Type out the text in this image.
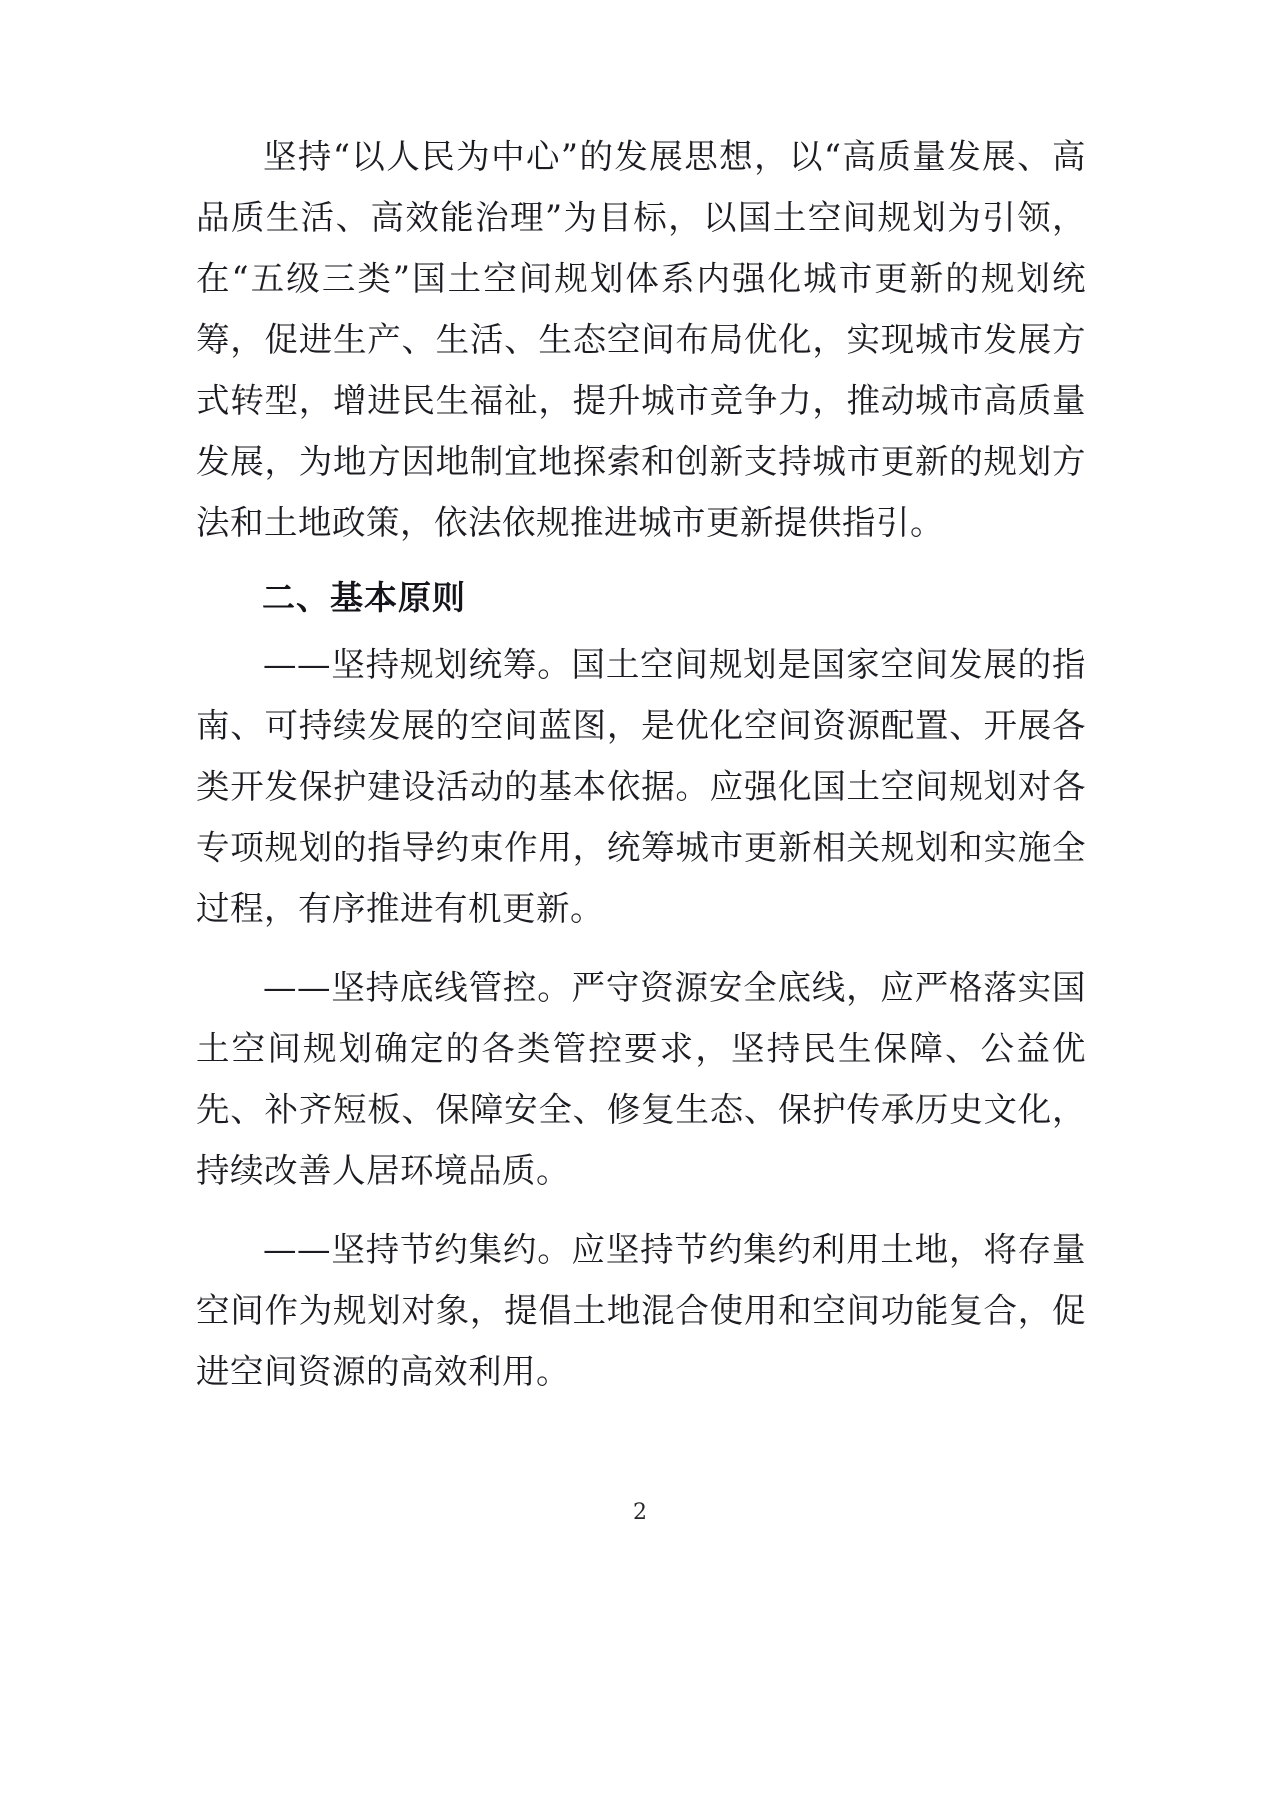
坚持“以人民为中心”的发展思想，以“高质量发展、高品质生活、高效能治理”为目标，以国土空间规划为引领，在“五级三类”国土空间规划体系内强化城市更新的规划统筹，促进生产、生活、生态空间布局优化，实现城市发展方式转型，增进民生福祉，提升城市竞争力，推动城市高质量发展，为地方因地制宜地探索和创新支持城市更新的规划方法和土地政策，依法依规推进城市更新提供指引。

二、基本原则

——坚持规划统筹。国土空间规划是国家空间发展的指南、可持续发展的空间蓝图，是优化空间资源配置、开展各类开发保护建设活动的基本依据。应强化国土空间规划对各专项规划的指导约束作用，统筹城市更新相关规划和实施全过程，有序推进有机更新。

——坚持底线管控。严守资源安全底线，应严格落实国土空间规划确定的各类管控要求，坚持民生保障、公益优先、补齐短板、保障安全、修复生态、保护传承历史文化，持续改善人居环境品质。

——坚持节约集约。应坚持节约集约利用土地，将存量空间作为规划对象，提倡土地混合使用和空间功能复合，促进空间资源的高效利用。

2
